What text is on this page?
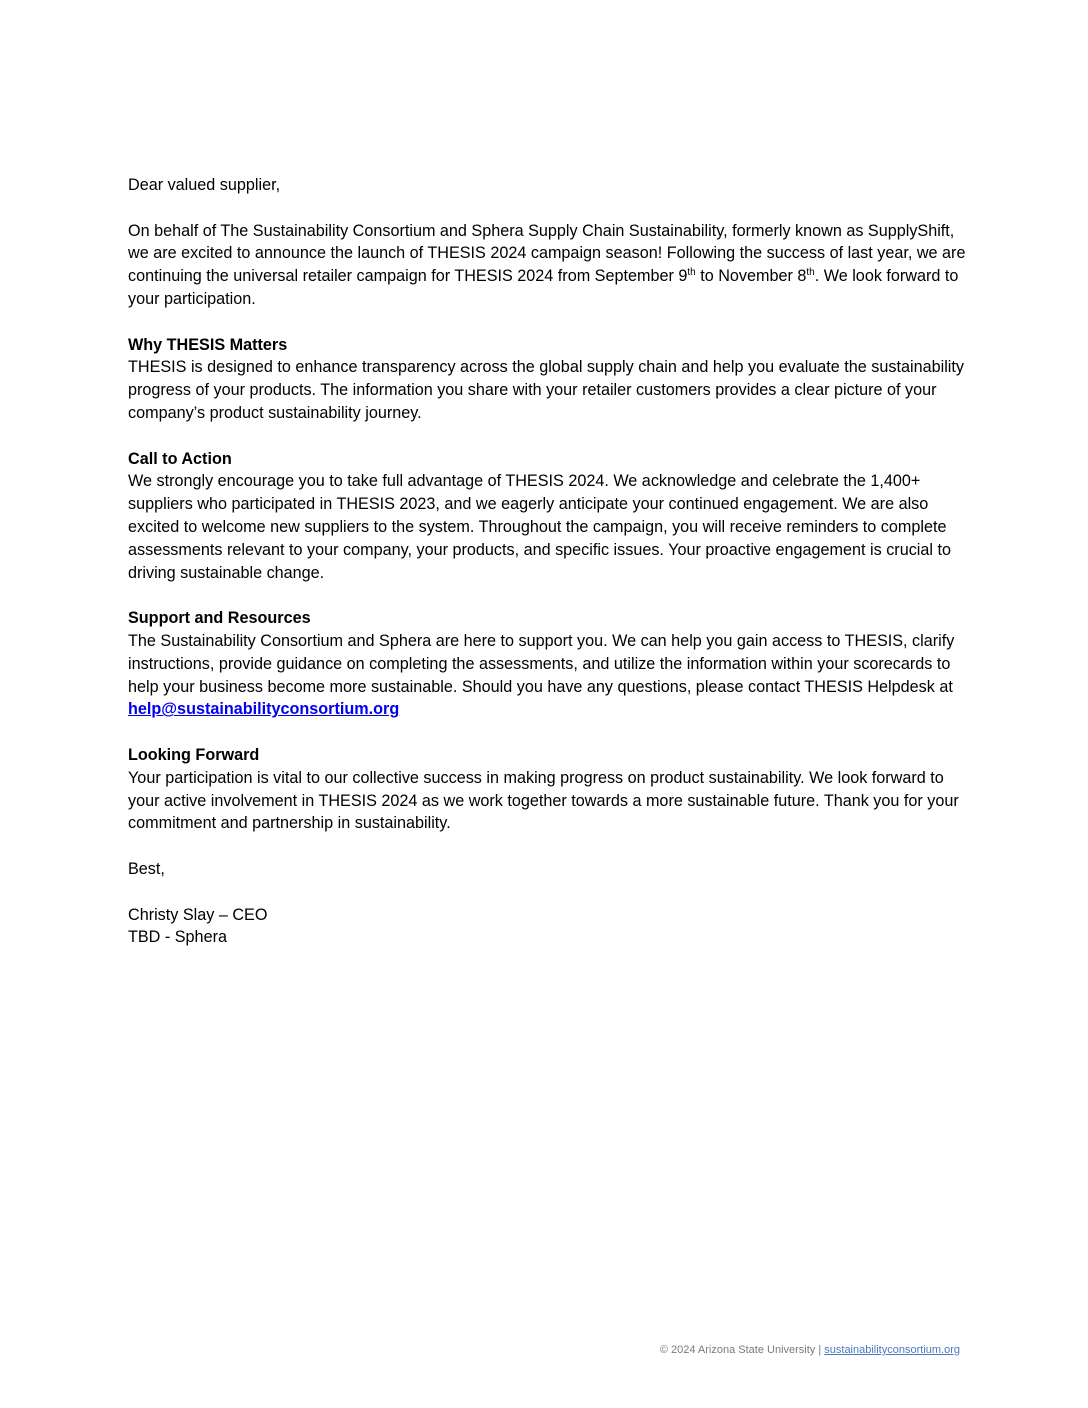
Dear valued supplier,

On behalf of The Sustainability Consortium and Sphera Supply Chain Sustainability, formerly known as SupplyShift, we are excited to announce the launch of THESIS 2024 campaign season! Following the success of last year, we are continuing the universal retailer campaign for THESIS 2024 from September 9th to November 8th. We look forward to your participation.

Why THESIS Matters

THESIS is designed to enhance transparency across the global supply chain and help you evaluate the sustainability progress of your products. The information you share with your retailer customers provides a clear picture of your company’s product sustainability journey.

Call to Action

We strongly encourage you to take full advantage of THESIS 2024. We acknowledge and celebrate the 1,400+ suppliers who participated in THESIS 2023, and we eagerly anticipate your continued engagement. We are also excited to welcome new suppliers to the system. Throughout the campaign, you will receive reminders to complete assessments relevant to your company, your products, and specific issues. Your proactive engagement is crucial to driving sustainable change.

Support and Resources

The Sustainability Consortium and Sphera are here to support you. We can help you gain access to THESIS, clarify instructions, provide guidance on completing the assessments, and utilize the information within your scorecards to help your business become more sustainable. Should you have any questions, please contact THESIS Helpdesk at help@sustainabilityconsortium.org

Looking Forward

Your participation is vital to our collective success in making progress on product sustainability. We look forward to your active involvement in THESIS 2024 as we work together towards a more sustainable future. Thank you for your commitment and partnership in sustainability.

Best,

Christy Slay – CEO

TBD - Sphera

© 2024 Arizona State University | sustainabilityconsortium.org
